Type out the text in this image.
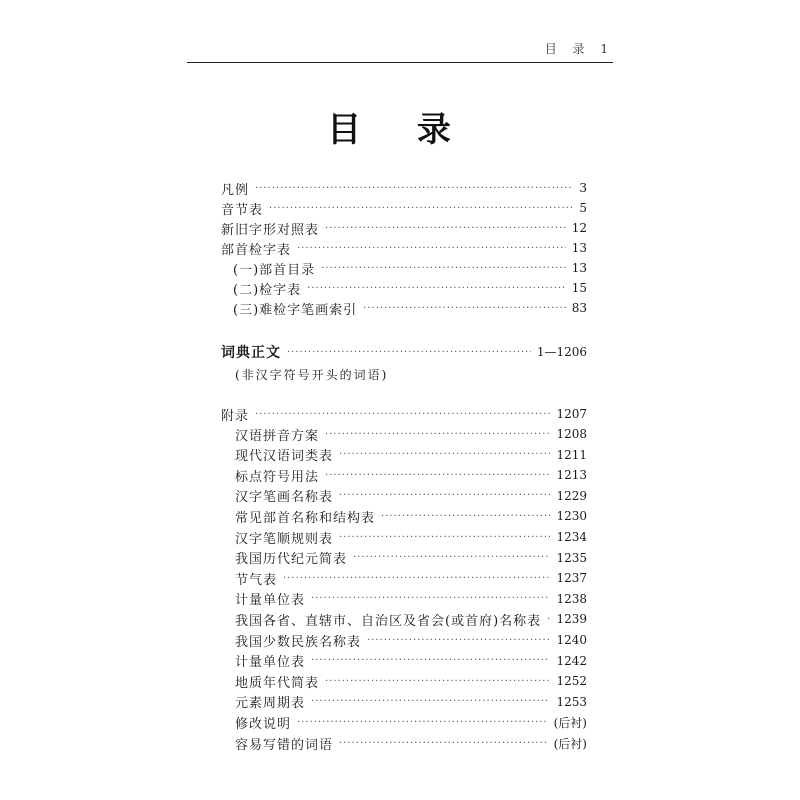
目 录 1
目 录
凡例 ·····	3
音节表 ·····	5
新旧字形对照表 ·····	12
部首检字表 ·····	13
(一)部首目录 ·····	13
(二)检字表 ·····	15
(三)难检字笔画索引 ·····	83
词典正文 ·····	1—1206
(非汉字符号开头的词语)
附录 ·····	1207
汉语拼音方案 ·····	1208
现代汉语词类表 ·····	1211
标点符号用法 ·····	1213
汉字笔画名称表 ·····	1229
常见部首名称和结构表 ·····	1230
汉字笔顺规则表 ·····	1234
我国历代纪元简表 ·····	1235
节气表 ·····	1237
计量单位表 ·····	1238
我国各省、直辖市、自治区及省会(或首府)名称表 ····· 1239
我国少数民族名称表 ·····	1240
计量单位表 ·····	1242
地质年代简表 ·····	1252
元素周期表 ·····	1253
修改说明 ·····	(后衬)
容易写错的词语 ·····	(后衬)
